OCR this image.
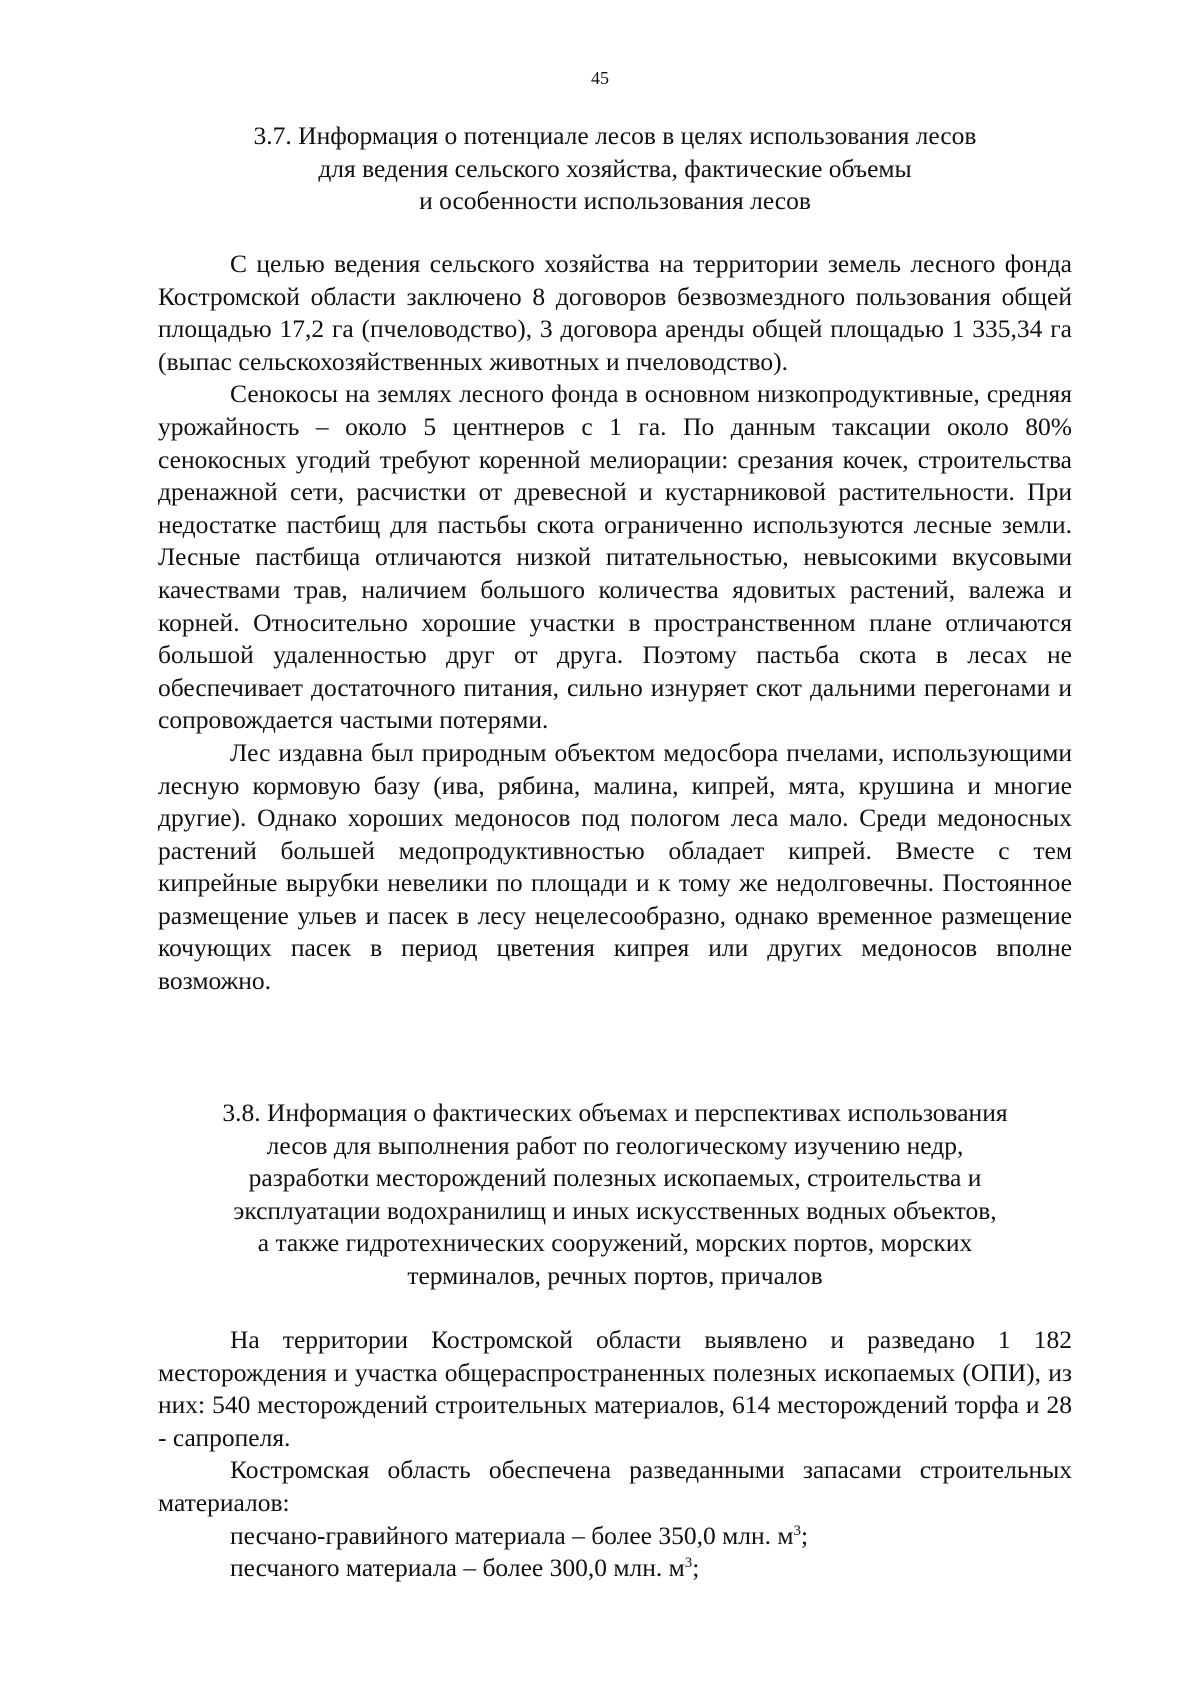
45
3.7. Информация о потенциале лесов в целях использования лесов
для ведения сельского хозяйства, фактические объемы
и особенности использования лесов

С целью ведения сельского хозяйства на территории земель лесного фонда Костромской области заключено 8 договоров безвозмездного пользования общей площадью 17,2 га (пчеловодство), 3 договора аренды общей площадью 1 335,34 га (выпас сельскохозяйственных животных и пчеловодство).

Сенокосы на землях лесного фонда в основном низкопродуктивные, средняя урожайность – около 5 центнеров с 1 га. По данным таксации около 80% сенокосных угодий требуют коренной мелиорации: срезания кочек, строительства дренажной сети, расчистки от древесной и кустарниковой растительности. При недостатке пастбищ для пастьбы скота ограниченно используются лесные земли. Лесные пастбища отличаются низкой питательностью, невысокими вкусовыми качествами трав, наличием большого количества ядовитых растений, валежа и корней. Относительно хорошие участки в пространственном плане отличаются большой удаленностью друг от друга. Поэтому пастьба скота в лесах не обеспечивает достаточного питания, сильно изнуряет скот дальними перегонами и сопровождается частыми потерями.

Лес издавна был природным объектом медосбора пчелами, использующими лесную кормовую базу (ива, рябина, малина, кипрей, мята, крушина и многие другие). Однако хороших медоносов под пологом леса мало. Среди медоносных растений большей медопродуктивностью обладает кипрей. Вместе с тем кипрейные вырубки невелики по площади и к тому же недолговечны. Постоянное размещение ульев и пасек в лесу нецелесообразно, однако временное размещение кочующих пасек в период цветения кипрея или других медоносов вполне возможно.

3.8. Информация о фактических объемах и перспективах использования
лесов для выполнения работ по геологическому изучению недр,
разработки месторождений полезных ископаемых, строительства и
эксплуатации водохранилищ и иных искусственных водных объектов,
а также гидротехнических сооружений, морских портов, морских
терминалов, речных портов, причалов

На территории Костромской области выявлено и разведано 1 182 месторождения и участка общераспространенных полезных ископаемых (ОПИ), из них: 540 месторождений строительных материалов, 614 месторождений торфа и 28 - сапропеля.

Костромская область обеспечена разведанными запасами строительных материалов:

песчано-гравийного материала – более 350,0 млн. $м^3$;

песчаного материала – более 300,0 млн. $м^3$;
